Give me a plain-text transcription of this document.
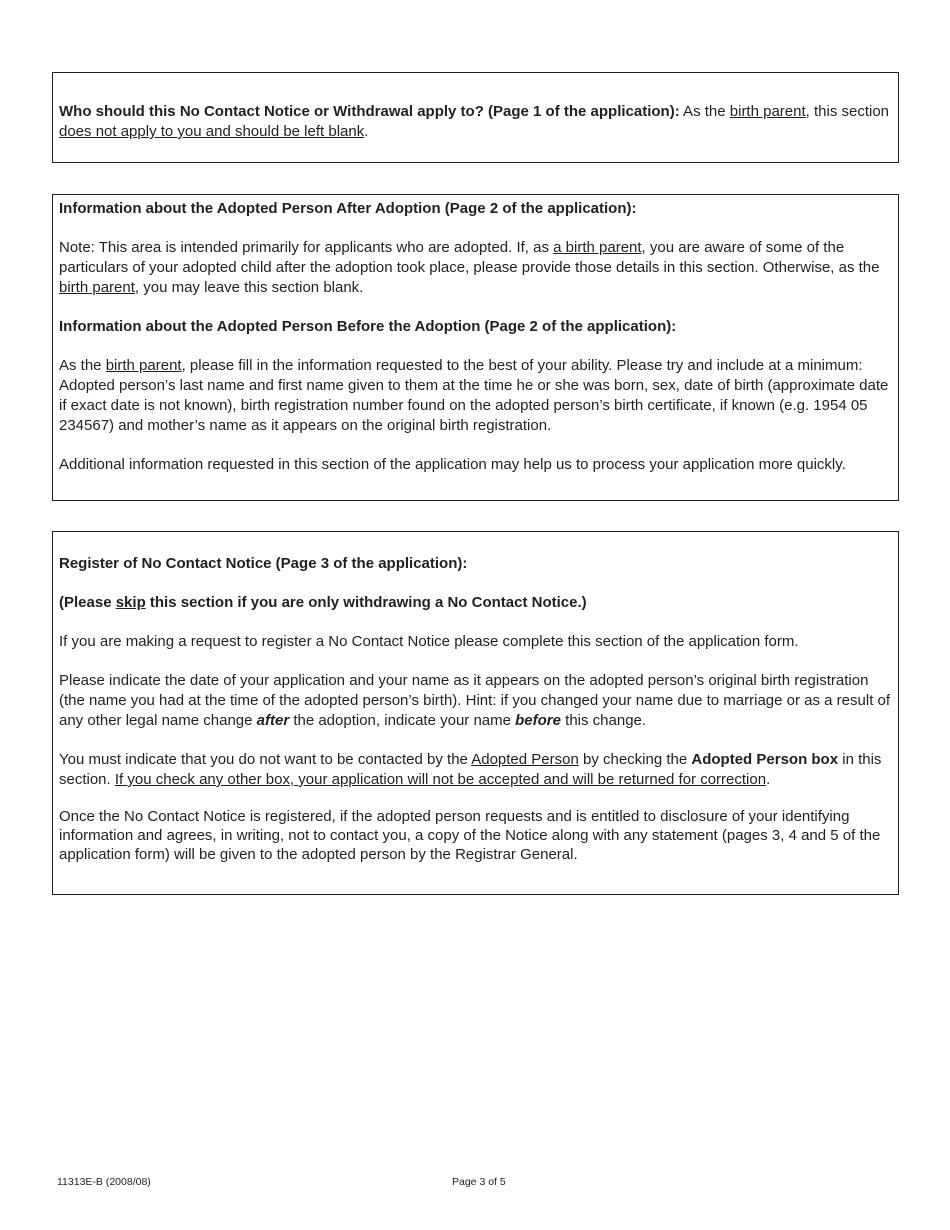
Who should this No Contact Notice or Withdrawal apply to? (Page 1 of the application): As the birth parent, this section does not apply to you and should be left blank.

Information about the Adopted Person After Adoption (Page 2 of the application):

Note: This area is intended primarily for applicants who are adopted. If, as a birth parent, you are aware of some of the particulars of your adopted child after the adoption took place, please provide those details in this section. Otherwise, as the birth parent, you may leave this section blank.

Information about the Adopted Person Before the Adoption (Page 2 of the application):

As the birth parent, please fill in the information requested to the best of your ability. Please try and include at a minimum: Adopted person’s last name and first name given to them at the time he or she was born, sex, date of birth (approximate date if exact date is not known), birth registration number found on the adopted person’s birth certificate, if known (e.g. 1954 05 234567) and mother’s name as it appears on the original birth registration.

Additional information requested in this section of the application may help us to process your application more quickly.

Register of No Contact Notice (Page 3 of the application):

(Please skip this section if you are only withdrawing a No Contact Notice.)

If you are making a request to register a No Contact Notice please complete this section of the application form.

Please indicate the date of your application and your name as it appears on the adopted person’s original birth registration (the name you had at the time of the adopted person’s birth). Hint: if you changed your name due to marriage or as a result of any other legal name change after the adoption, indicate your name before this change.

You must indicate that you do not want to be contacted by the Adopted Person by checking the Adopted Person box in this section. If you check any other box, your application will not be accepted and will be returned for correction.

Once the No Contact Notice is registered, if the adopted person requests and is entitled to disclosure of your identifying information and agrees, in writing, not to contact you, a copy of the Notice along with any statement (pages 3, 4 and 5 of the application form) will be given to the adopted person by the Registrar General.

11313E-B (2008/08)	Page 3 of 5
